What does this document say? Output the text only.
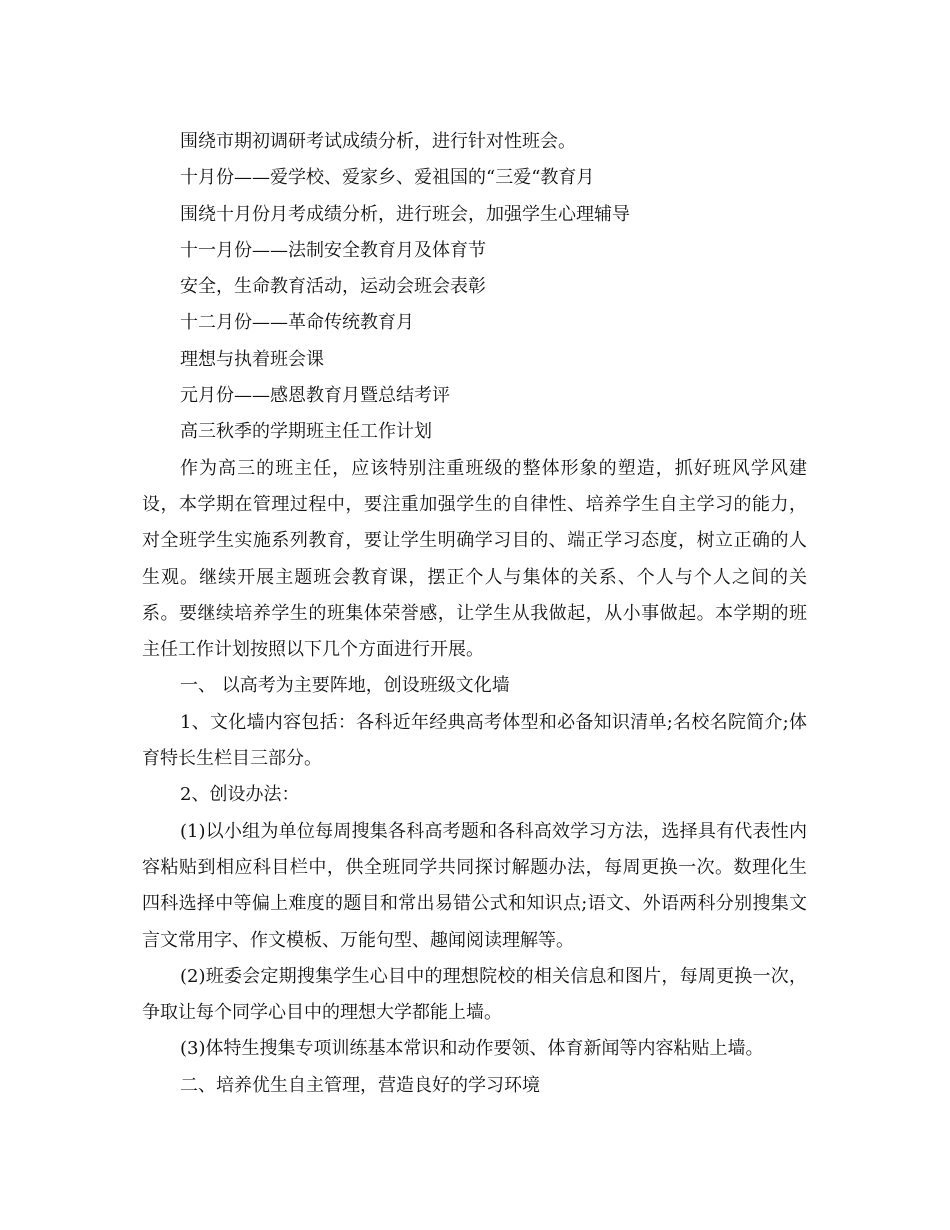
围绕市期初调研考试成绩分析，进行针对性班会。
十月份——爱学校、爱家乡、爱祖国的“三爱“教育月
围绕十月份月考成绩分析，进行班会，加强学生心理辅导
十一月份——法制安全教育月及体育节
安全，生命教育活动，运动会班会表彰
十二月份——革命传统教育月
理想与执着班会课
元月份——感恩教育月暨总结考评
高三秋季的学期班主任工作计划

作为高三的班主任，应该特别注重班级的整体形象的塑造，抓好班风学风建设，本学期在管理过程中，要注重加强学生的自律性、培养学生自主学习的能力，对全班学生实施系列教育，要让学生明确学习目的、端正学习态度，树立正确的人生观。继续开展主题班会教育课，摆正个人与集体的关系、个人与个人之间的关系。要继续培养学生的班集体荣誉感，让学生从我做起，从小事做起。本学期的班主任工作计划按照以下几个方面进行开展。

一、 以高考为主要阵地，创设班级文化墙

1、文化墙内容包括：各科近年经典高考体型和必备知识清单;名校名院简介;体育特长生栏目三部分。

2、创设办法：

(1)以小组为单位每周搜集各科高考题和各科高效学习方法，选择具有代表性内容粘贴到相应科目栏中，供全班同学共同探讨解题办法，每周更换一次。数理化生四科选择中等偏上难度的题目和常出易错公式和知识点;语文、外语两科分别搜集文言文常用字、作文模板、万能句型、趣闻阅读理解等。

(2)班委会定期搜集学生心目中的理想院校的相关信息和图片，每周更换一次，争取让每个同学心目中的理想大学都能上墙。

(3)体特生搜集专项训练基本常识和动作要领、体育新闻等内容粘贴上墙。

二、培养优生自主管理，营造良好的学习环境
